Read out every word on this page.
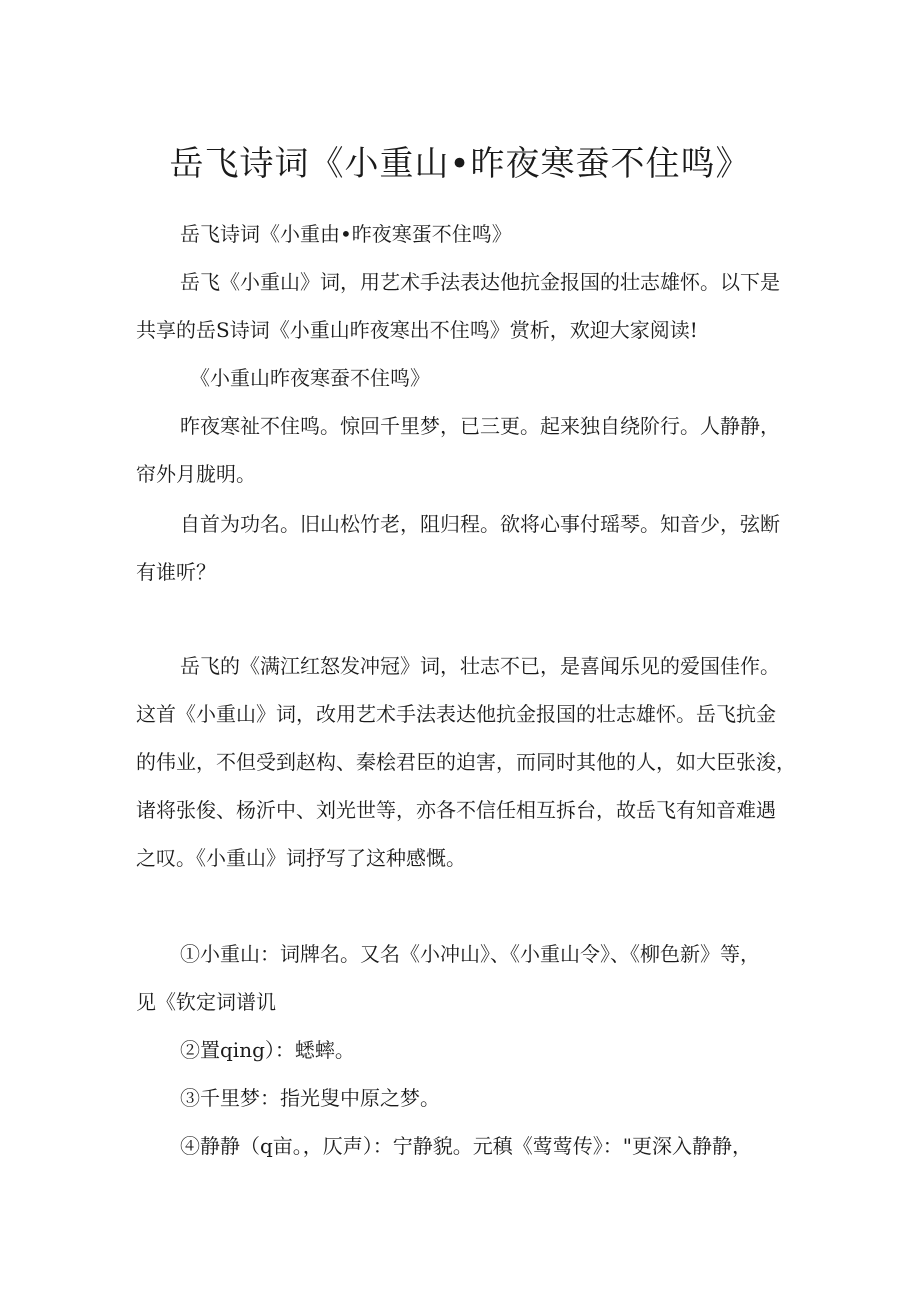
岳飞诗词《小重山•昨夜寒蚕不住鸣》
岳飞诗词《小重由•昨夜寒蛋不住鸣》
岳飞《小重山》词，用艺术手法表达他抗金报国的壮志雄怀。以下是
共享的岳S诗词《小重山昨夜寒出不住鸣》赏析，欢迎大家阅读!
《小重山昨夜寒蚕不住鸣》
昨夜寒祉不住鸣。惊回千里梦，已三更。起来独自绕阶行。人静静，
帘外月胧明。
自首为功名。旧山松竹老，阻归程。欲将心事付瑶琴。知音少，弦断
有谁听？
岳飞的《满江红怒发冲冠》词，壮志不已，是喜闻乐见的爱国佳作。
这首《小重山》词，改用艺术手法表达他抗金报国的壮志雄怀。岳飞抗金
的伟业，不但受到赵构、秦桧君臣的迫害，而同时其他的人，如大臣张浚，
诸将张俊、杨沂中、刘光世等，亦各不信任相互拆台，故岳飞有知音难遇
之叹。《小重山》词抒写了这种感慨。
①小重山：词牌名。又名《小冲山》、《小重山令》、《柳色新》等，
见《钦定词谱讥
②置qing）：蟋蟀。
③千里梦：指光叟中原之梦。
④静静（q亩。，仄声）：宁静貌。元稹《莺莺传》："更深入静静，
